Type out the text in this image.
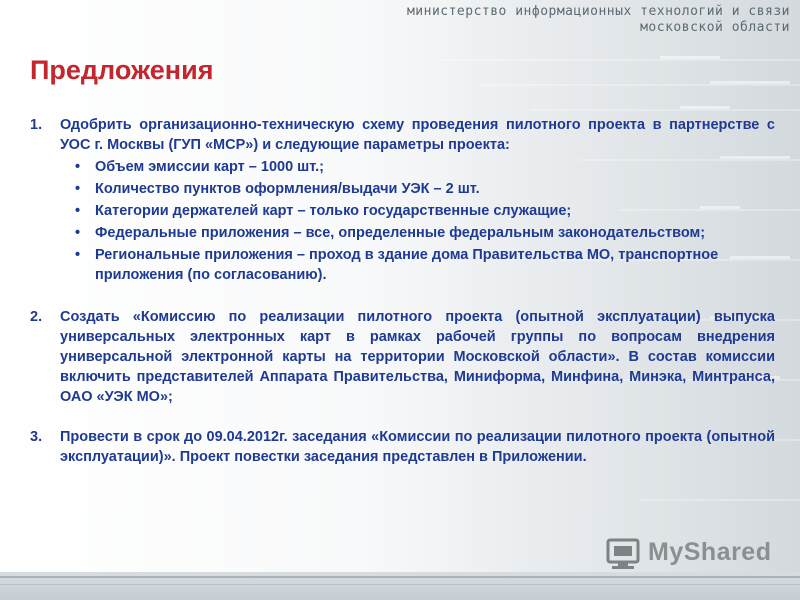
министерство информационных технологий и связи
московской области
Предложения
1.	Одобрить организационно-техническую схему проведения пилотного проекта в партнерстве с УОС г. Москвы (ГУП «МСР») и следующие параметры проекта:
•	Объем эмиссии карт – 1000 шт.;
•	Количество пунктов оформления/выдачи УЭК – 2 шт.
•	Категории держателей карт – только государственные служащие;
•	Федеральные приложения – все, определенные федеральным законодательством;
•	Региональные приложения – проход в здание дома Правительства МО, транспортное приложения (по согласованию).
2.	Создать «Комиссию по реализации пилотного проекта (опытной эксплуатации) выпуска универсальных электронных карт в рамках рабочей группы по вопросам внедрения универсальной электронной карты на территории Московской области». В состав комиссии включить представителей Аппарата Правительства, Миниформа, Минфина, Минэка, Минтранса, ОАО «УЭК МО»;
3.	Провести в срок до 09.04.2012г. заседания «Комиссии по реализации пилотного проекта (опытной эксплуатации)». Проект повестки заседания представлен в Приложении.
MyShared
